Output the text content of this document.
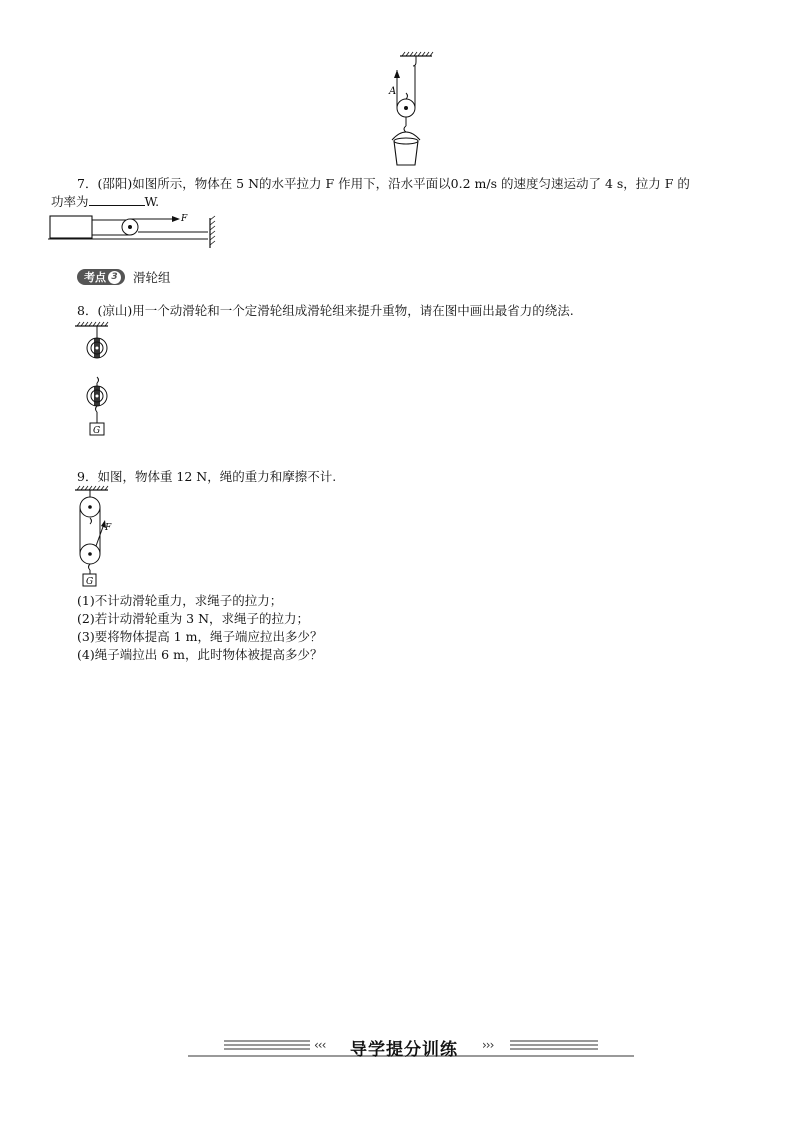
A
7．(邵阳)如图所示，物体在 5 N的水平拉力 F 作用下，沿水平面以0.2 m/s 的速度匀速运动了 4 s，拉力 F 的
功率为	W.
F
考点 3 滑轮组
8．(凉山)用一个动滑轮和一个定滑轮组成滑轮组来提升重物，请在图中画出最省力的绕法.
G
9．如图，物体重 12 N，绳的重力和摩擦不计.
F
G
(1)不计动滑轮重力，求绳子的拉力；
(2)若计动滑轮重为 3 N，求绳子的拉力；
(3)要将物体提高 1 m，绳子端应拉出多少？
(4)绳子端拉出 6 m，此时物体被提高多少？
‹‹‹ 导学提分训练 ›››
